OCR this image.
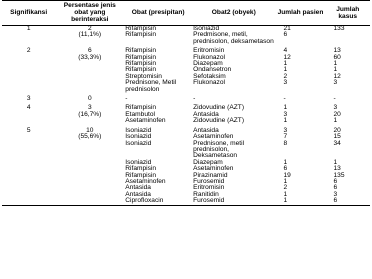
Signifikansi	Persentase jenis obat yang berinteraksi	Obat (presipitan)	Obat2 (obyek)	Jumlah pasien	Jumlah kasus
1	2	Rifampisin	Isoniazid	21	133
	(11,1%)	Rifampisin	Predmisone, metil, prednisolon, deksametason	6	

2	6	Rifampisin	Eritromisin	4	13
	(33,3%)	Rifampisin	Flukonazol	12	60
		Rifampisin	Diazepam	1	1
		Rifampisin	Ondansetron	1	1
		Streptomisin	Sefotaksim	2	12
		Prednisone, Metil prednisolon	Flukonazol	3	3

3	0	-	-	-	-

4	3	Rifampisin	Zidovudine (AZT)	1	3
	(16,7%)	Etambutol	Antasida	3	20
		Asetaminofen	Zidovudine (AZT)	1	1

5	10	Isoniazid	Antasida	3	20
	(55,6%)	Isoniazid	Asetaminofen	7	15
		Isoniazid	Prednisone, metil prednisolon, Deksametason	8	34
		Isoniazid	Diazepam	1	1
		Rifampisin	Asetaminofen	6	13
		Rifampisin	Pirazinamid	19	135
		Asetaminofen	Furosemid	1	6
		Antasida	Eritromisin	2	6
		Antasida	Ranitidin	1	3
		Ciprofloxacin	Furosemid	1	6
